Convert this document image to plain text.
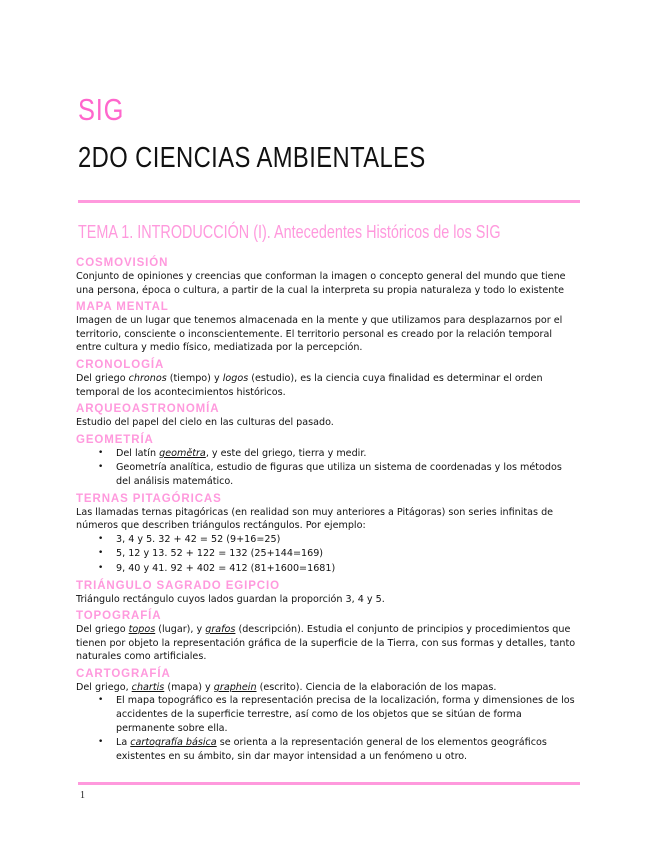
SIG
2DO CIENCIAS AMBIENTALES
TEMA 1. INTRODUCCIÓN (I). Antecedentes Históricos de los SIG
COSMOVISIÓN

Conjunto de opiniones y creencias que conforman la imagen o concepto general del mundo que tiene una persona, época o cultura, a partir de la cual la interpreta su propia naturaleza y todo lo existente

MAPA MENTAL

Imagen de un lugar que tenemos almacenada en la mente y que utilizamos para desplazarnos por el territorio, consciente o inconscientemente. El territorio personal es creado por la relación temporal entre cultura y medio físico, mediatizada por la percepción.

CRONOLOGÍA

Del griego chronos (tiempo) y logos (estudio), es la ciencia cuya finalidad es determinar el orden temporal de los acontecimientos históricos.

ARQUEOASTRONOMÍA

Estudio del papel del cielo en las culturas del pasado.

GEOMETRÍA
• Del latín geomětra, y este del griego, tierra y medir.
• Geometría analítica, estudio de figuras que utiliza un sistema de coordenadas y los métodos del análisis matemático.
TERNAS PITAGÓRICAS

Las llamadas ternas pitagóricas (en realidad son muy anteriores a Pitágoras) son series infinitas de números que describen triángulos rectángulos. Por ejemplo:

• 3, 4 y 5. 32 + 42 = 52 (9+16=25)
• 5, 12 y 13. 52 + 122 = 132 (25+144=169)
• 9, 40 y 41. 92 + 402 = 412 (81+1600=1681)
TRIÁNGULO SAGRADO EGIPCIO

Triángulo rectángulo cuyos lados guardan la proporción 3, 4 y 5.

TOPOGRAFÍA

Del griego topos (lugar), y grafos (descripción). Estudia el conjunto de principios y procedimientos que tienen por objeto la representación gráfica de la superficie de la Tierra, con sus formas y detalles, tanto naturales como artificiales.

CARTOGRAFÍA

Del griego, chartis (mapa) y graphein (escrito). Ciencia de la elaboración de los mapas.

• El mapa topográfico es la representación precisa de la localización, forma y dimensiones de los accidentes de la superficie terrestre, así como de los objetos que se sitúan de forma permanente sobre ella.
• La cartografía básica se orienta a la representación general de los elementos geográficos existentes en su ámbito, sin dar mayor intensidad a un fenómeno u otro.
1
